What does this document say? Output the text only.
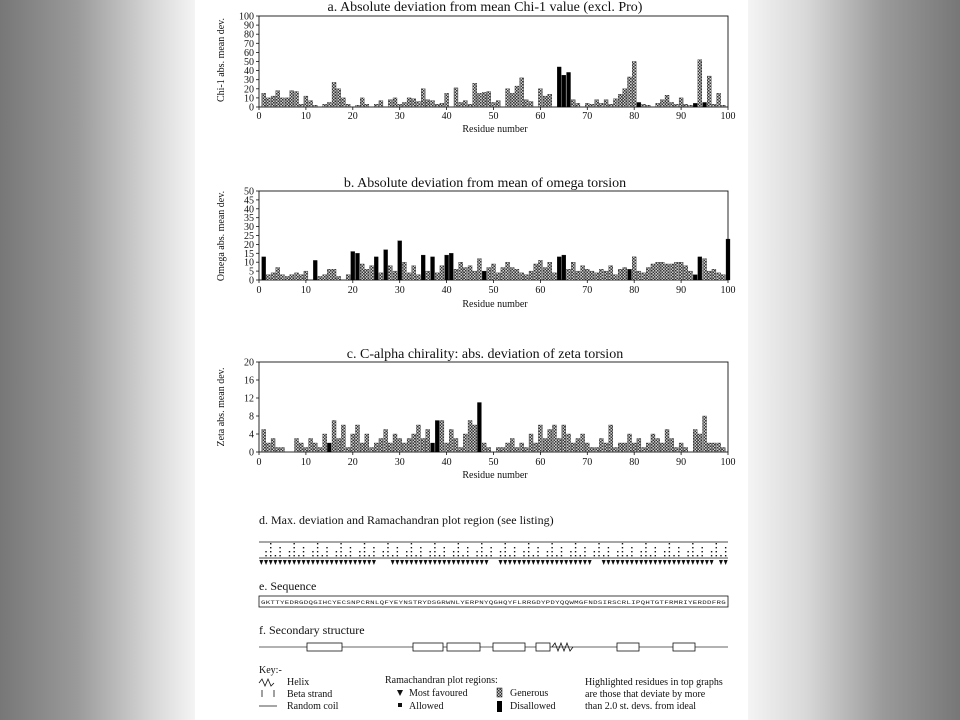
a. Absolute deviation from mean Chi-1 value (excl. Pro)
b. Absolute deviation from mean of omega torsion
c. C-alpha chirality: abs. deviation of zeta torsion
Chi-1 abs. mean dev.
Omega abs. mean dev.
Zeta abs. mean dev.
Residue number
Residue number
Residue number
0
10
20
30
40
50
60
70
80
90
100
0	10	20	30	40	50	60	70	80	90	100
0
5
10
15
20
25
30
35
40
45
50
0	10	20	30	40	50	60	70	80	90	100
0
4
8
12
16
20
0	10	20	30	40	50	60	70	80	90	100
d. Max. deviation and Ramachandran plot region (see listing)
e. Sequence
GKTTYEDRGDQGIHCYECSNPCRNLQFYEYNSTRYDSGRWNLYERPNYQGHQYFLRRGDYPDYQQWMGFNDSIRSCRLIPQHTGTFRMRIYERDDFRG
f. Secondary structure
Key:-
Helix
Beta strand
Random coil
Ramachandran plot regions:
Most favoured
Allowed
Generous
Disallowed
Highlighted residues in top graphs
are those that deviate by more
than 2.0 st. devs. from ideal
